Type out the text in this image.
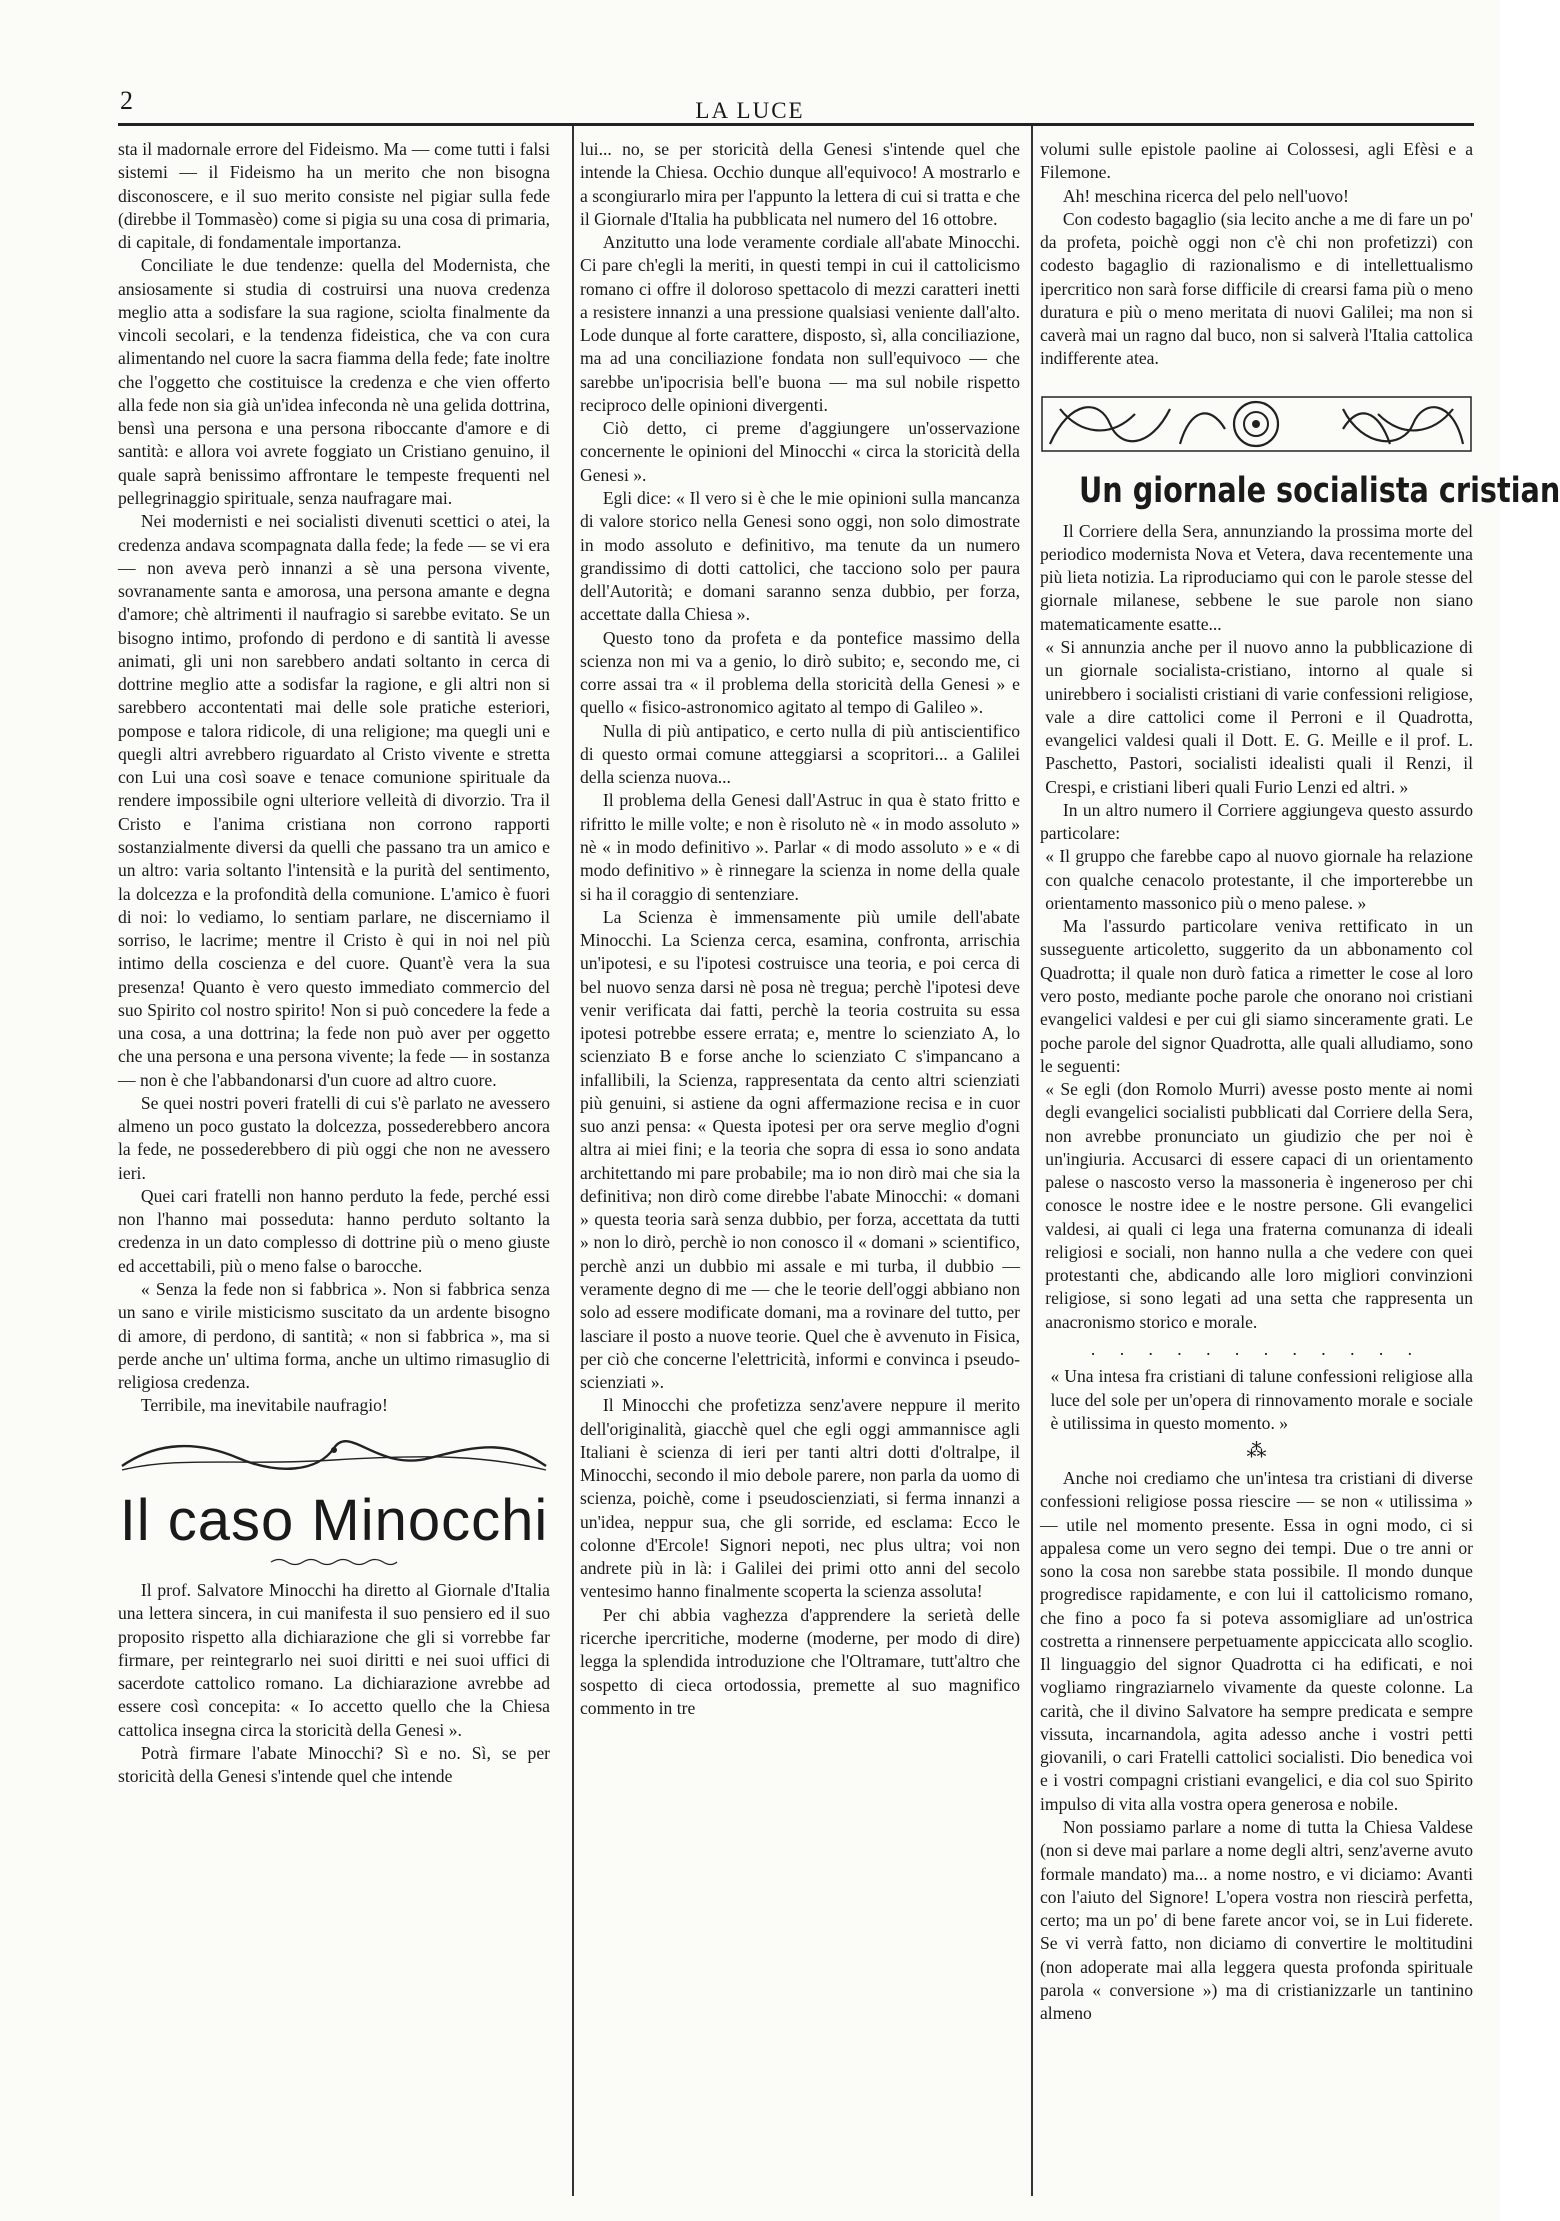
2	LA LUCE

sta il madornale errore del Fideismo. Ma — come tutti i falsi sistemi — il Fideismo ha un merito che non bisogna disconoscere, e il suo merito consiste nel pigiar sulla fede (direbbe il Tommasèo) come si pigia su una cosa di primaria, di capitale, di fondamentale importanza.

Conciliate le due tendenze: quella del Modernista, che ansiosamente si studia di costruirsi una nuova credenza meglio atta a sodisfare la sua ragione, sciolta finalmente da vincoli secolari, e la tendenza fideistica, che va con cura alimentando nel cuore la sacra fiamma della fede; fate inoltre che l'oggetto che costituisce la credenza e che vien offerto alla fede non sia già un'idea infeconda nè una gelida dottrina, bensì una persona e una persona riboccante d'amore e di santità: e allora voi avrete foggiato un Cristiano genuino, il quale saprà benissimo affrontare le tempeste frequenti nel pellegrinaggio spirituale, senza naufragare mai.

Nei modernisti e nei socialisti divenuti scettici o atei, la credenza andava scompagnata dalla fede; la fede — se vi era — non aveva però innanzi a sè una persona vivente, sovranamente santa e amorosa, una persona amante e degna d'amore; chè altrimenti il naufragio si sarebbe evitato. Se un bisogno intimo, profondo di perdono e di santità li avesse animati, gli uni non sarebbero andati soltanto in cerca di dottrine meglio atte a sodisfar la ragione, e gli altri non si sarebbero accontentati mai delle sole pratiche esteriori, pompose e talora ridicole, di una religione; ma quegli uni e quegli altri avrebbero riguardato al Cristo vivente e stretta con Lui una così soave e tenace comunione spirituale da rendere impossibile ogni ulteriore velleità di divorzio. Tra il Cristo e l'anima cristiana non corrono rapporti sostanzialmente diversi da quelli che passano tra un amico e un altro: varia soltanto l'intensità e la purità del sentimento, la dolcezza e la profondità della comunione. L'amico è fuori di noi: lo vediamo, lo sentiam parlare, ne discerniamo il sorriso, le lacrime; mentre il Cristo è qui in noi nel più intimo della coscienza e del cuore. Quant'è vera la sua presenza! Quanto è vero questo immediato commercio del suo Spirito col nostro spirito! Non si può concedere la fede a una cosa, a una dottrina; la fede non può aver per oggetto che una persona e una persona vivente; la fede — in sostanza — non è che l'abbandonarsi d'un cuore ad altro cuore.

Se quei nostri poveri fratelli di cui s'è parlato ne avessero almeno un poco gustato la dolcezza, possederebbero ancora la fede, ne possederebbero di più oggi che non ne avessero ieri.

Quei cari fratelli non hanno perduto la fede, perché essi non l'hanno mai posseduta: hanno perduto soltanto la credenza in un dato complesso di dottrine più o meno giuste ed accettabili, più o meno false o barocche.

« Senza la fede non si fabbrica ». Non si fabbrica senza un sano e virile misticismo suscitato da un ardente bisogno di amore, di perdono, di santità; « non si fabbrica », ma si perde anche un' ultima forma, anche un ultimo rimasuglio di religiosa credenza.

Terribile, ma inevitabile naufragio!

Il caso Minocchi

Il prof. Salvatore Minocchi ha diretto al Giornale d'Italia una lettera sincera, in cui manifesta il suo pensiero ed il suo proposito rispetto alla dichiarazione che gli si vorrebbe far firmare, per reintegrarlo nei suoi diritti e nei suoi uffici di sacerdote cattolico romano. La dichiarazione avrebbe ad essere così concepita: « Io accetto quello che la Chiesa cattolica insegna circa la storicità della Genesi ».

Potrà firmare l'abate Minocchi? Sì e no. Sì, se per storicità della Genesi s'intende quel che intende

lui... no, se per storicità della Genesi s'intende quel che intende la Chiesa. Occhio dunque all'equivoco! A mostrarlo e a scongiurarlo mira per l'appunto la lettera di cui si tratta e che il Giornale d'Italia ha pubblicata nel numero del 16 ottobre.

Anzitutto una lode veramente cordiale all'abate Minocchi. Ci pare ch'egli la meriti, in questi tempi in cui il cattolicismo romano ci offre il doloroso spettacolo di mezzi caratteri inetti a resistere innanzi a una pressione qualsiasi veniente dall'alto. Lode dunque al forte carattere, disposto, sì, alla conciliazione, ma ad una conciliazione fondata non sull'equivoco — che sarebbe un'ipocrisia bell'e buona — ma sul nobile rispetto reciproco delle opinioni divergenti.

Ciò detto, ci preme d'aggiungere un'osservazione concernente le opinioni del Minocchi « circa la storicità della Genesi ».

Egli dice: « Il vero si è che le mie opinioni sulla mancanza di valore storico nella Genesi sono oggi, non solo dimostrate in modo assoluto e definitivo, ma tenute da un numero grandissimo di dotti cattolici, che tacciono solo per paura dell'Autorità; e domani saranno senza dubbio, per forza, accettate dalla Chiesa ».

Questo tono da profeta e da pontefice massimo della scienza non mi va a genio, lo dirò subito; e, secondo me, ci corre assai tra « il problema della storicità della Genesi » e quello « fisico-astronomico agitato al tempo di Galileo ».

Nulla di più antipatico, e certo nulla di più antiscientifico di questo ormai comune atteggiarsi a scopritori... a Galilei della scienza nuova...

Il problema della Genesi dall'Astruc in qua è stato fritto e rifritto le mille volte; e non è risoluto nè « in modo assoluto » nè « in modo definitivo ». Parlar « di modo assoluto » e « di modo definitivo » è rinnegare la scienza in nome della quale si ha il coraggio di sentenziare.

La Scienza è immensamente più umile dell'abate Minocchi. La Scienza cerca, esamina, confronta, arrischia un'ipotesi, e su l'ipotesi costruisce una teoria, e poi cerca di bel nuovo senza darsi nè posa nè tregua; perchè l'ipotesi deve venir verificata dai fatti, perchè la teoria costruita su essa ipotesi potrebbe essere errata; e, mentre lo scienziato A, lo scienziato B e forse anche lo scienziato C s'impancano a infallibili, la Scienza, rappresentata da cento altri scienziati più genuini, si astiene da ogni affermazione recisa e in cuor suo anzi pensa: « Questa ipotesi per ora serve meglio d'ogni altra ai miei fini; e la teoria che sopra di essa io sono andata architettando mi pare probabile; ma io non dirò mai che sia la definitiva; non dirò come direbbe l'abate Minocchi: « domani » questa teoria sarà senza dubbio, per forza, accettata da tutti » non lo dirò, perchè io non conosco il « domani » scientifico, perchè anzi un dubbio mi assale e mi turba, il dubbio — veramente degno di me — che le teorie dell'oggi abbiano non solo ad essere modificate domani, ma a rovinare del tutto, per lasciare il posto a nuove teorie. Quel che è avvenuto in Fisica, per ciò che concerne l'elettricità, informi e convinca i pseudo-scienziati ».

Il Minocchi che profetizza senz'avere neppure il merito dell'originalità, giacchè quel che egli oggi ammannisce agli Italiani è scienza di ieri per tanti altri dotti d'oltralpe, il Minocchi, secondo il mio debole parere, non parla da uomo di scienza, poichè, come i pseudoscienziati, si ferma innanzi a un'idea, neppur sua, che gli sorride, ed esclama: Ecco le colonne d'Ercole! Signori nepoti, nec plus ultra; voi non andrete più in là: i Galilei dei primi otto anni del secolo ventesimo hanno finalmente scoperta la scienza assoluta!

Per chi abbia vaghezza d'apprendere la serietà delle ricerche ipercritiche, moderne (moderne, per modo di dire) legga la splendida introduzione che l'Oltramare, tutt'altro che sospetto di cieca ortodossia, premette al suo magnifico commento in tre

volumi sulle epistole paoline ai Colossesi, agli Efèsi e a Filemone.

Ah! meschina ricerca del pelo nell'uovo!

Con codesto bagaglio (sia lecito anche a me di fare un po' da profeta, poichè oggi non c'è chi non profetizzi) con codesto bagaglio di razionalismo e di intellettualismo ipercritico non sarà forse difficile di crearsi fama più o meno duratura e più o meno meritata di nuovi Galilei; ma non si caverà mai un ragno dal buco, non si salverà l'Italia cattolica indifferente atea.

Un giornale socialista cristian

Il Corriere della Sera, annunziando la prossima morte del periodico modernista Nova et Vetera, dava recentemente una più lieta notizia. La riproduciamo qui con le parole stesse del giornale milanese, sebbene le sue parole non siano matematicamente esatte...

« Si annunzia anche per il nuovo anno la pubblicazione di un giornale socialista-cristiano, intorno al quale si unirebbero i socialisti cristiani di varie confessioni religiose, vale a dire cattolici come il Perroni e il Quadrotta, evangelici valdesi quali il Dott. E. G. Meille e il prof. L. Paschetto, Pastori, socialisti idealisti quali il Renzi, il Crespi, e cristiani liberi quali Furio Lenzi ed altri. »

In un altro numero il Corriere aggiungeva questo assurdo particolare:

« Il gruppo che farebbe capo al nuovo giornale ha relazione con qualche cenacolo protestante, il che importerebbe un orientamento massonico più o meno palese. »

Ma l'assurdo particolare veniva rettificato in un susseguente articoletto, suggerito da un abbonamento col Quadrotta; il quale non durò fatica a rimetter le cose al loro vero posto, mediante poche parole che onorano noi cristiani evangelici valdesi e per cui gli siamo sinceramente grati. Le poche parole del signor Quadrotta, alle quali alludiamo, sono le seguenti:

« Se egli (don Romolo Murri) avesse posto mente ai nomi degli evangelici socialisti pubblicati dal Corriere della Sera, non avrebbe pronunciato un giudizio che per noi è un'ingiuria. Accusarci di essere capaci di un orientamento palese o nascosto verso la massoneria è ingeneroso per chi conosce le nostre idee e le nostre persone. Gli evangelici valdesi, ai quali ci lega una fraterna comunanza di ideali religiosi e sociali, non hanno nulla a che vedere con quei protestanti che, abdicando alle loro migliori convinzioni religiose, si sono legati ad una setta che rappresenta un anacronismo storico e morale.

. . . . . . . . . . . .

« Una intesa fra cristiani di talune confessioni religiose alla luce del sole per un'opera di rinnovamento morale e sociale è utilissima in questo momento. »

⁂

Anche noi crediamo che un'intesa tra cristiani di diverse confessioni religiose possa riescire — se non « utilissima » — utile nel momento presente. Essa in ogni modo, ci si appalesa come un vero segno dei tempi. Due o tre anni or sono la cosa non sarebbe stata possibile. Il mondo dunque progredisce rapidamente, e con lui il cattolicismo romano, che fino a poco fa si poteva assomigliare ad un'ostrica costretta a rinnensere perpetuamente appiccicata allo scoglio. Il linguaggio del signor Quadrotta ci ha edificati, e noi vogliamo ringraziarnelo vivamente da queste colonne. La carità, che il divino Salvatore ha sempre predicata e sempre vissuta, incarnandola, agita adesso anche i vostri petti giovanili, o cari Fratelli cattolici socialisti. Dio benedica voi e i vostri compagni cristiani evangelici, e dia col suo Spirito impulso di vita alla vostra opera generosa e nobile.

Non possiamo parlare a nome di tutta la Chiesa Valdese (non si deve mai parlare a nome degli altri, senz'averne avuto formale mandato) ma... a nome nostro, e vi diciamo: Avanti con l'aiuto del Signore! L'opera vostra non riescirà perfetta, certo; ma un po' di bene farete ancor voi, se in Lui fiderete. Se vi verrà fatto, non diciamo di convertire le moltitudini (non adoperate mai alla leggera questa profonda spirituale parola « conversione ») ma di cristianizzarle un tantinino almeno
